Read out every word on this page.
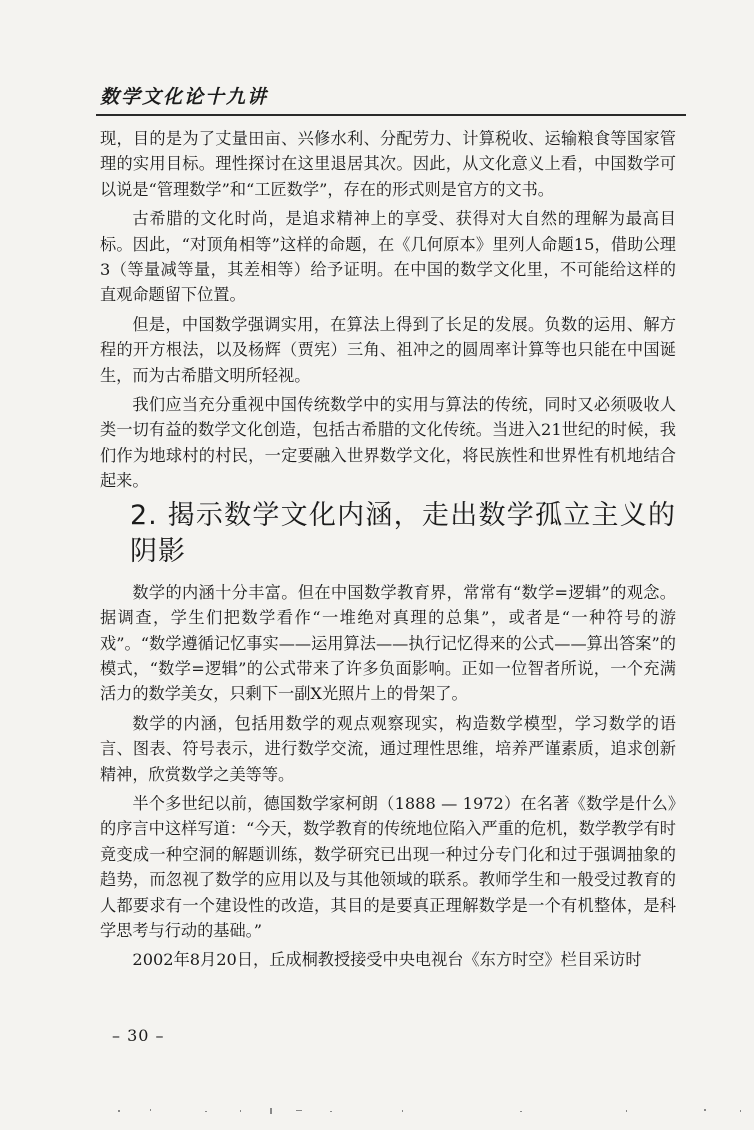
数学文化论十九讲

现，目的是为了丈量田亩、兴修水利、分配劳力、计算税收、运输粮食等国家管理的实用目标。理性探讨在这里退居其次。因此，从文化意义上看，中国数学可以说是“管理数学”和“工匠数学”，存在的形式则是官方的文书。

古希腊的文化时尚，是追求精神上的享受、获得对大自然的理解为最高目标。因此，“对顶角相等”这样的命题，在《几何原本》里列人命题15，借助公理3（等量减等量，其差相等）给予证明。在中国的数学文化里，不可能给这样的直观命题留下位置。

但是，中国数学强调实用，在算法上得到了长足的发展。负数的运用、解方程的开方根法，以及杨辉（贾宪）三角、祖冲之的圆周率计算等也只能在中国诞生，而为古希腊文明所轻视。

我们应当充分重视中国传统数学中的实用与算法的传统，同时又必须吸收人类一切有益的数学文化创造，包括古希腊的文化传统。当进入21世纪的时候，我们作为地球村的村民，一定要融入世界数学文化，将民族性和世界性有机地结合起来。

2. 揭示数学文化内涵，走出数学孤立主义的阴影

数学的内涵十分丰富。但在中国数学教育界，常常有“数学=逻辑”的观念。据调查，学生们把数学看作“一堆绝对真理的总集”，或者是“一种符号的游戏”。“数学遵循记忆事实——运用算法——执行记忆得来的公式——算出答案”的模式，“数学=逻辑”的公式带来了许多负面影响。正如一位智者所说，一个充满活力的数学美女，只剩下一副X光照片上的骨架了。

数学的内涵，包括用数学的观点观察现实，构造数学模型，学习数学的语言、图表、符号表示，进行数学交流，通过理性思维，培养严谨素质，追求创新精神，欣赏数学之美等等。

半个多世纪以前，德国数学家柯朗（1888 — 1972）在名著《数学是什么》的序言中这样写道：“今天，数学教育的传统地位陷入严重的危机，数学教学有时竟变成一种空洞的解题训练，数学研究已出现一种过分专门化和过于强调抽象的趋势，而忽视了数学的应用以及与其他领域的联系。教师学生和一般受过教育的人都要求有一个建设性的改造，其目的是要真正理解数学是一个有机整体，是科学思考与行动的基础。”

2002年8月20日，丘成桐教授接受中央电视台《东方时空》栏目采访时

– 30 –
